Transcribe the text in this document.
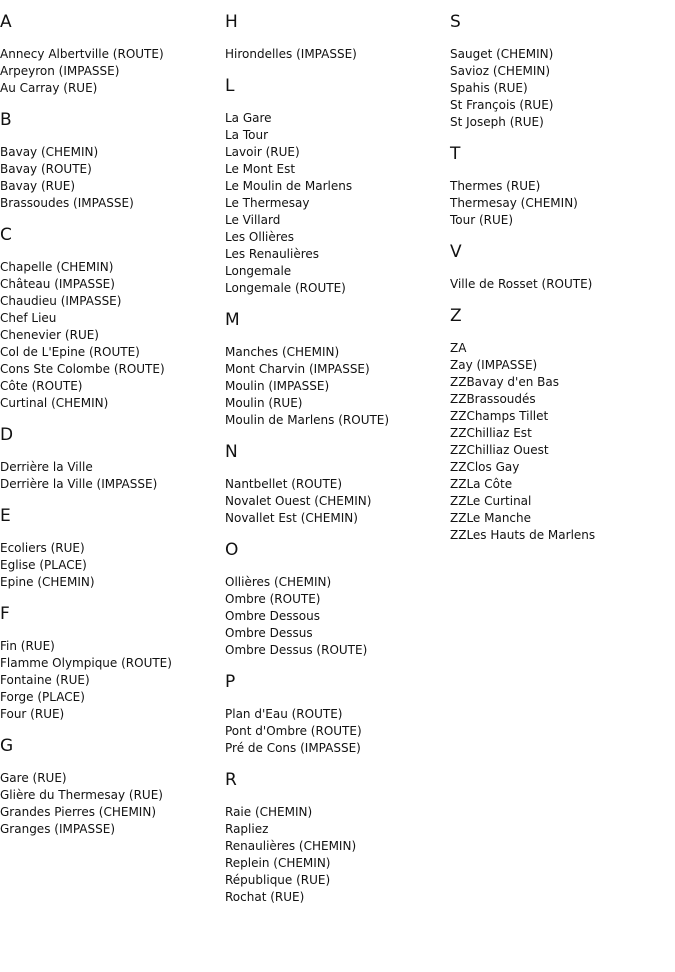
A
Annecy Albertville (ROUTE)
Arpeyron (IMPASSE)
Au Carray (RUE)
B
Bavay (CHEMIN)
Bavay (ROUTE)
Bavay (RUE)
Brassoudes (IMPASSE)
C
Chapelle (CHEMIN)
Château (IMPASSE)
Chaudieu (IMPASSE)
Chef Lieu
Chenevier (RUE)
Col de L'Epine (ROUTE)
Cons Ste Colombe (ROUTE)
Côte (ROUTE)
Curtinal (CHEMIN)
D
Derrière la Ville
Derrière la Ville (IMPASSE)
E
Ecoliers (RUE)
Eglise (PLACE)
Epine (CHEMIN)
F
Fin (RUE)
Flamme Olympique (ROUTE)
Fontaine (RUE)
Forge (PLACE)
Four (RUE)
G
Gare (RUE)
Glière du Thermesay (RUE)
Grandes Pierres (CHEMIN)
Granges (IMPASSE)
H
Hirondelles (IMPASSE)
L
La Gare
La Tour
Lavoir (RUE)
Le Mont Est
Le Moulin de Marlens
Le Thermesay
Le Villard
Les Ollières
Les Renaulières
Longemale
Longemale (ROUTE)
M
Manches (CHEMIN)
Mont Charvin (IMPASSE)
Moulin (IMPASSE)
Moulin (RUE)
Moulin de Marlens (ROUTE)
N
Nantbellet (ROUTE)
Novalet Ouest (CHEMIN)
Novallet Est (CHEMIN)
O
Ollières (CHEMIN)
Ombre (ROUTE)
Ombre Dessous
Ombre Dessus
Ombre Dessus (ROUTE)
P
Plan d'Eau (ROUTE)
Pont d'Ombre (ROUTE)
Pré de Cons (IMPASSE)
R
Raie (CHEMIN)
Rapliez
Renaulières (CHEMIN)
Replein (CHEMIN)
République (RUE)
Rochat (RUE)
S
Sauget (CHEMIN)
Savioz (CHEMIN)
Spahis (RUE)
St François (RUE)
St Joseph (RUE)
T
Thermes (RUE)
Thermesay (CHEMIN)
Tour (RUE)
V
Ville de Rosset (ROUTE)
Z
ZA
Zay (IMPASSE)
ZZBavay d'en Bas
ZZBrassoudés
ZZChamps Tillet
ZZChilliaz Est
ZZChilliaz Ouest
ZZClos Gay
ZZLa Côte
ZZLe Curtinal
ZZLe Manche
ZZLes Hauts de Marlens
